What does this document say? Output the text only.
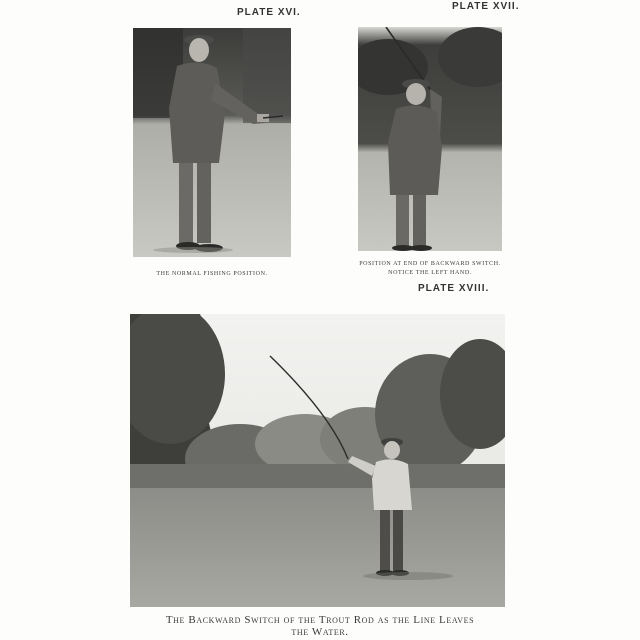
PLATE XVI.
THE NORMAL FISHING POSITION.
PLATE XVII.
POSITION AT END OF BACKWARD SWITCH.
NOTICE THE LEFT HAND.
PLATE XVIII.
The Backward Switch of the Trout Rod as the Line Leaves
the Water.
